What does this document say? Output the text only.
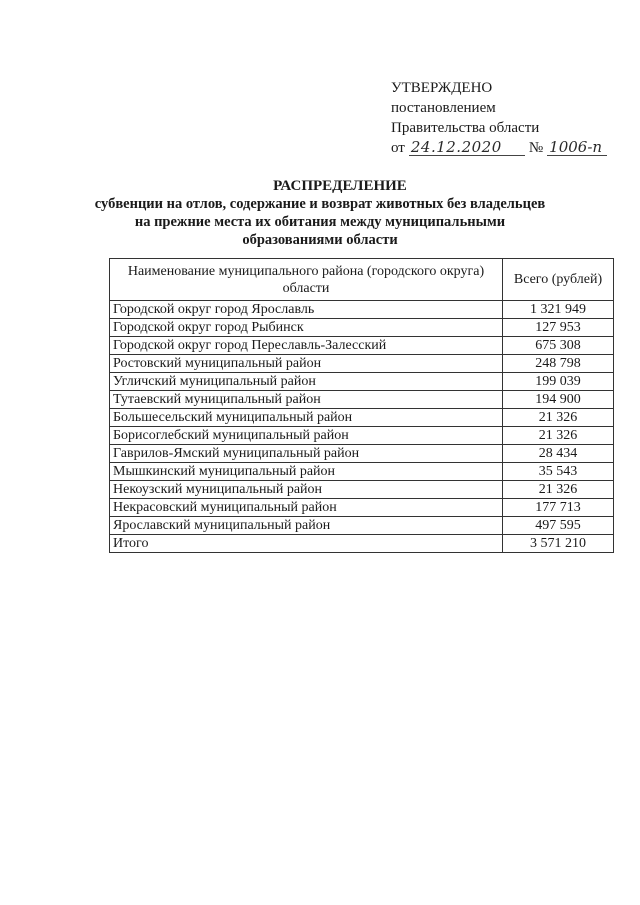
УТВЕРЖДЕНО
постановлением
Правительства области
от 24.12.2020	№ 1006-п
РАСПРЕДЕЛЕНИЕ
субвенции на отлов, содержание и возврат животных без владельцев
на прежние места их обитания между муниципальными
образованиями области
Наименование муниципального района (городского округа) области	Всего (рублей)
Городской округ город Ярославль	1 321 949
Городской округ город Рыбинск	127 953
Городской округ город Переславль-Залесский	675 308
Ростовский муниципальный район	248 798
Угличский муниципальный район	199 039
Тутаевский муниципальный район	194 900
Большесельский муниципальный район	21 326
Борисоглебский муниципальный район	21 326
Гаврилов-Ямский муниципальный район	28 434
Мышкинский муниципальный район	35 543
Некоузский муниципальный район	21 326
Некрасовский муниципальный район	177 713
Ярославский муниципальный район	497 595
Итого	3 571 210
